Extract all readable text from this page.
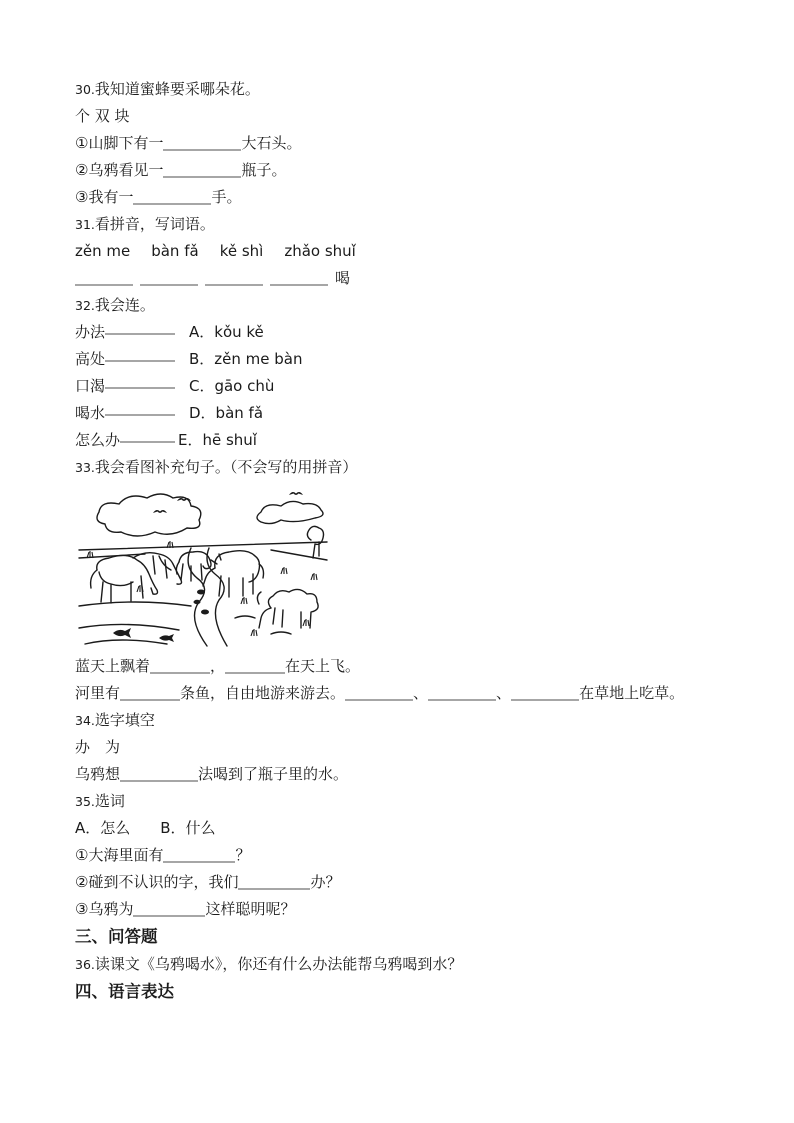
30.我知道蜜蜂要采哪朵花。

个 双 块

①山脚下有一	大石头。

②乌鸦看见一	瓶子。

③我有一	手。

31.看拼音，写词语。

zěn me bàn fǎ kě shì zhǎo shuǐ

喝

32.我会连。

办法	A．kǒu kě

高处	B．zěn me bàn

口渴	C．gāo chù

喝水	D．bàn fǎ

怎么办	E．hē shuǐ

33.我会看图补充句子。（不会写的用拼音）

蓝天上飘着	，	在天上飞。

河里有	条鱼，自由地游来游去。	、	、	在草地上吃草。

34.选字填空

办　为

乌鸦想	法喝到了瓶子里的水。

35.选词

A．怎么　　B．什么

①大海里面有	？

②碰到不认识的字，我们	办？

③乌鸦为	这样聪明呢？

三、问答题

36.读课文《乌鸦喝水》，你还有什么办法能帮乌鸦喝到水？

四、语言表达
